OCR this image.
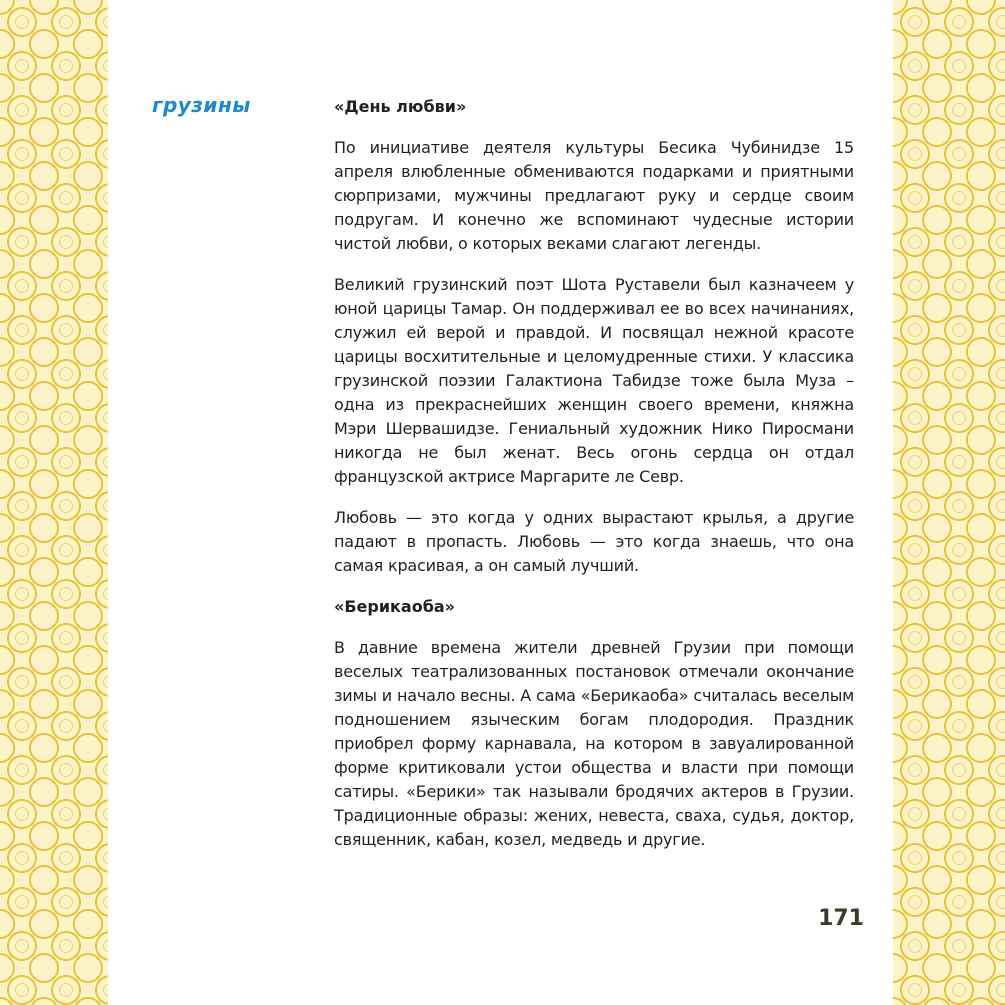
грузины	«День любви»

По инициативе деятеля культуры Бесика Чубинидзе 15 апреля влюбленные обмениваются подарками и приятными сюрпризами, мужчины предлагают руку и сердце своим подругам. И конечно же вспоминают чудесные истории чистой любви, о которых веками слагают легенды.

Великий грузинский поэт Шота Руставели был казначеем у юной царицы Тамар. Он поддерживал ее во всех начинаниях, служил ей верой и правдой. И посвящал нежной красоте царицы восхитительные и целомудренные стихи. У классика грузинской поэзии Галактиона Табидзе тоже была Муза – одна из прекраснейших женщин своего времени, княжна Мэри Шервашидзе. Гениальный художник Нико Пиросмани никогда не был женат. Весь огонь сердца он отдал французской актрисе Маргарите ле Севр.

Любовь — это когда у одних вырастают крылья, а другие падают в пропасть. Любовь — это когда знаешь, что она самая красивая, а он самый лучший.

«Берикаоба»

В давние времена жители древней Грузии при помощи веселых театрализованных постановок отмечали окончание зимы и начало весны. А сама «Берикаоба» считалась веселым подношением языческим богам плодородия. Праздник приобрел форму карнавала, на котором в завуалированной форме критиковали устои общества и власти при помощи сатиры. «Берики» так называли бродячих актеров в Грузии. Традиционные образы: жених, невеста, сваха, судья, доктор, священник, кабан, козел, медведь и другие.

171
